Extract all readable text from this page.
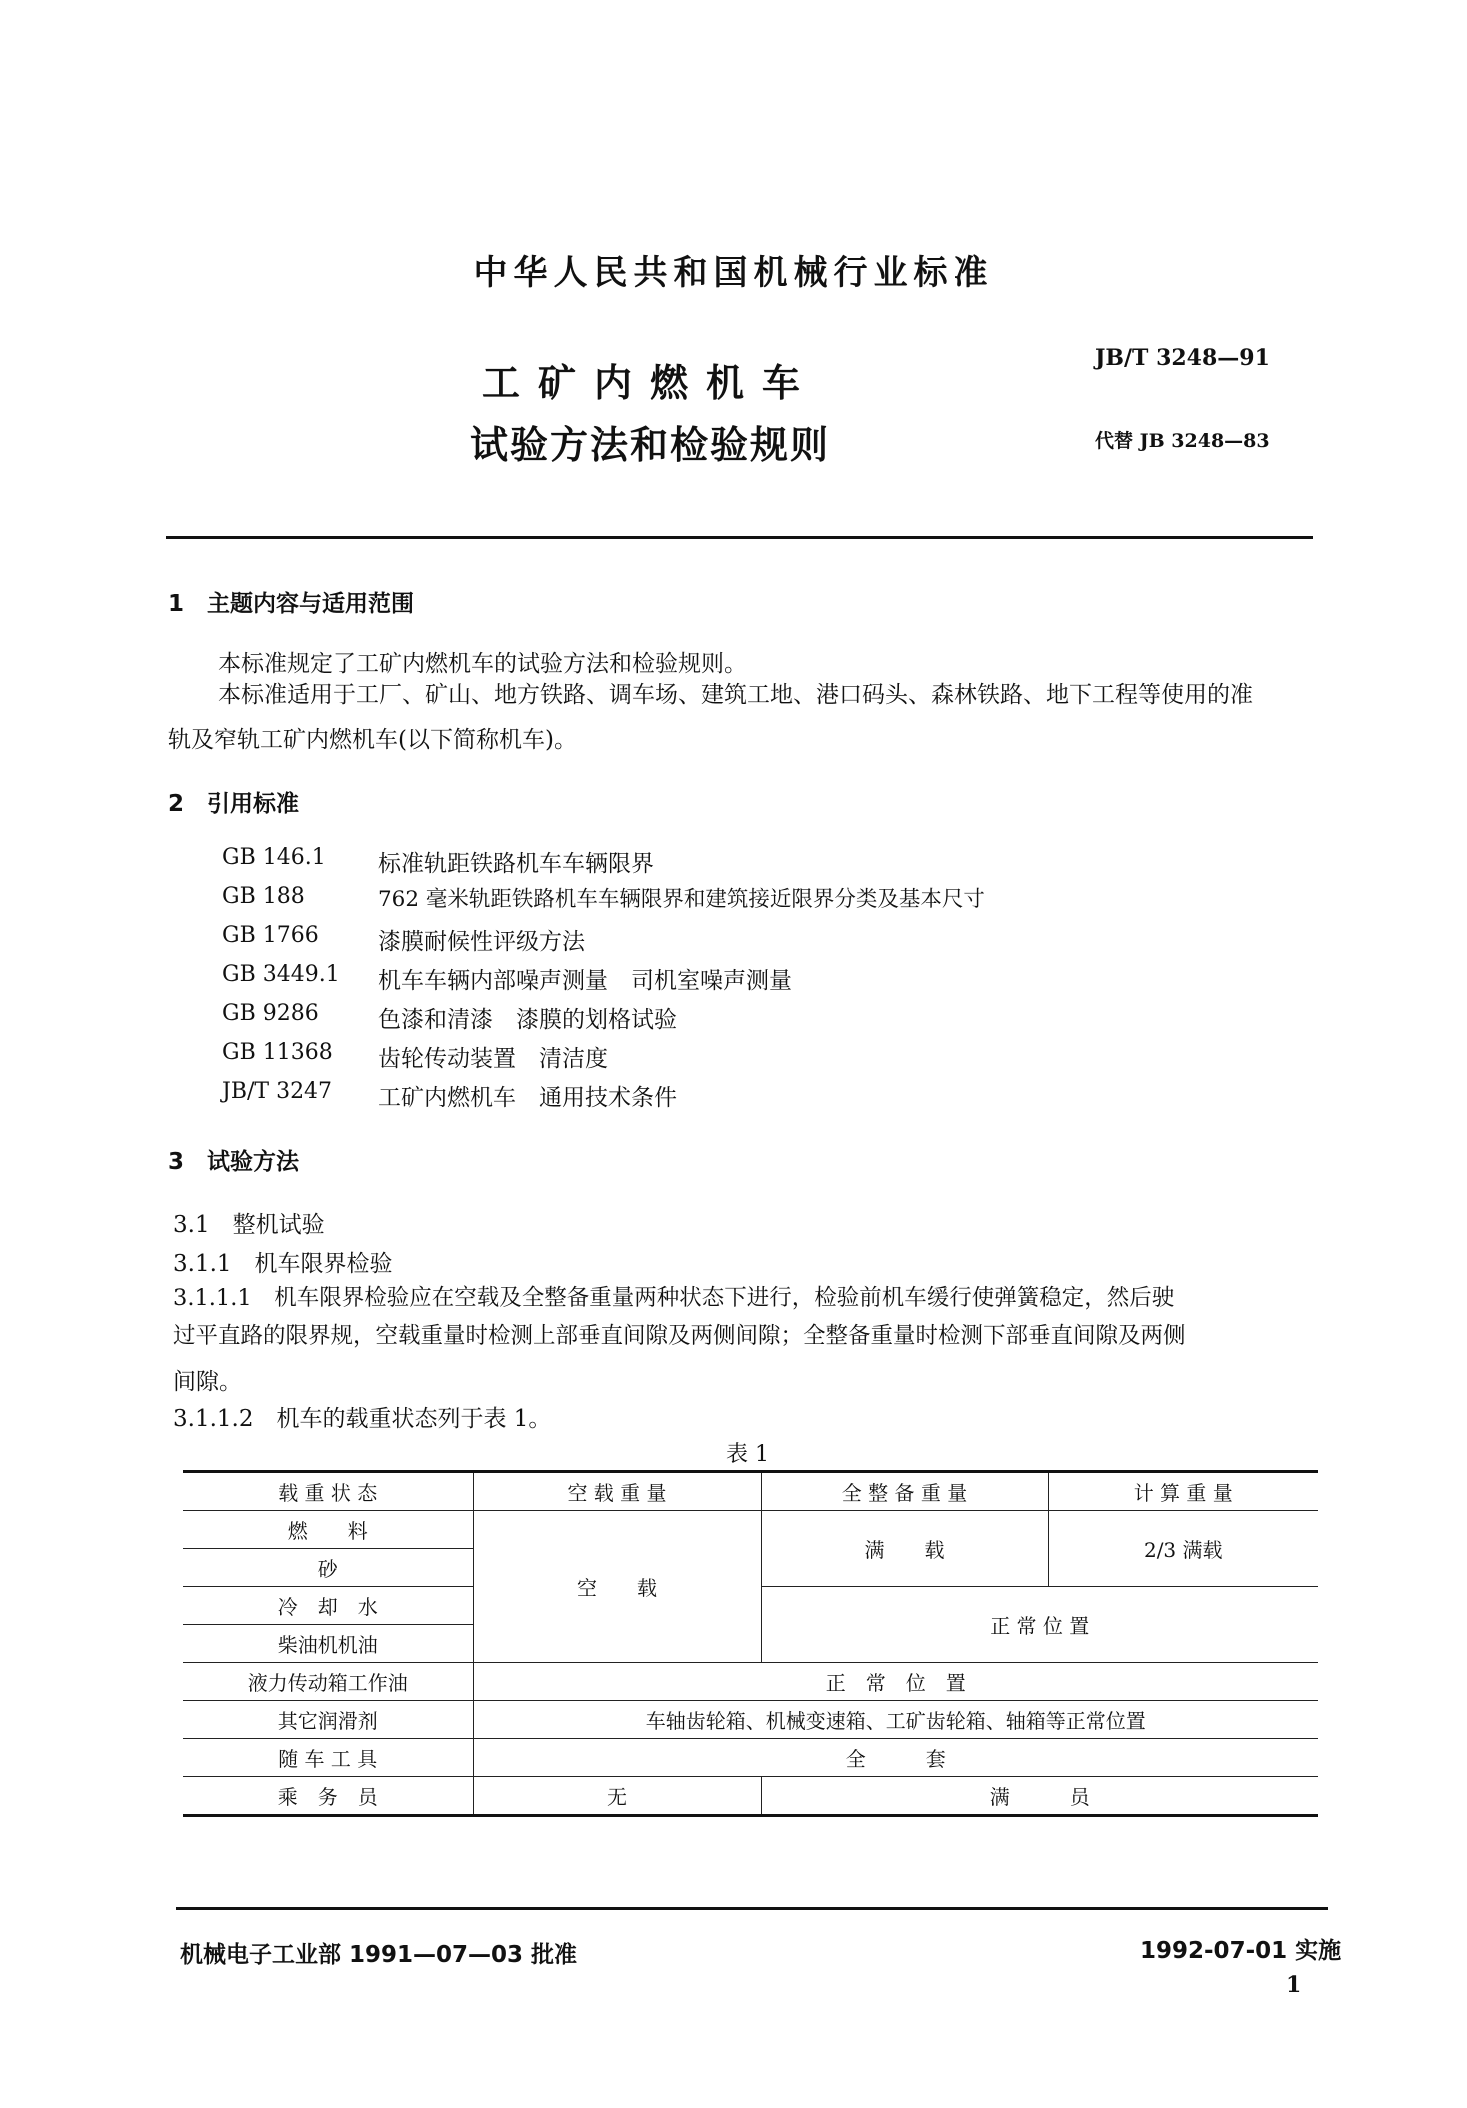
中华人民共和国机械行业标准
工矿内燃机车
试验方法和检验规则
JB/T 3248—91
代替 JB 3248—83
1　主题内容与适用范围
本标准规定了工矿内燃机车的试验方法和检验规则。
本标准适用于工厂、矿山、地方铁路、调车场、建筑工地、港口码头、森林铁路、地下工程等使用的准
轨及窄轨工矿内燃机车(以下简称机车)。
2　引用标准
GB 146.1 标准轨距铁路机车车辆限界
GB 188	762 毫米轨距铁路机车车辆限界和建筑接近限界分类及基本尺寸
GB 1766	漆膜耐候性评级方法
GB 3449.1 机车车辆内部噪声测量　司机室噪声测量
GB 9286	色漆和清漆　漆膜的划格试验
GB 11368 齿轮传动装置　清洁度
JB/T 3247 工矿内燃机车　通用技术条件
3　试验方法
3.1　整机试验
3.1.1　机车限界检验
3.1.1.1　机车限界检验应在空载及全整备重量两种状态下进行，检验前机车缓行使弹簧稳定，然后驶
过平直路的限界规，空载重量时检测上部垂直间隙及两侧间隙；全整备重量时检测下部垂直间隙及两侧
间隙。
3.1.1.2　机车的载重状态列于表 1。
表 1
载 重 状 态	空 载 重 量	全 整 备 重 量	计 算 重 量
燃　　料	空　　载	满　　载	2/3 满载
砂			
冷　却　水		正 常 位 置	
柴油机机油			
液力传动箱工作油	正　常　位　置		
其它润滑剂	车轴齿轮箱、机械变速箱、工矿齿轮箱、轴箱等正常位置		
随 车 工 具	全　　　套		
乘　务　员	无	满　　　员	
机械电子工业部 1991—07—03 批准	1992-07-01 实施
1
